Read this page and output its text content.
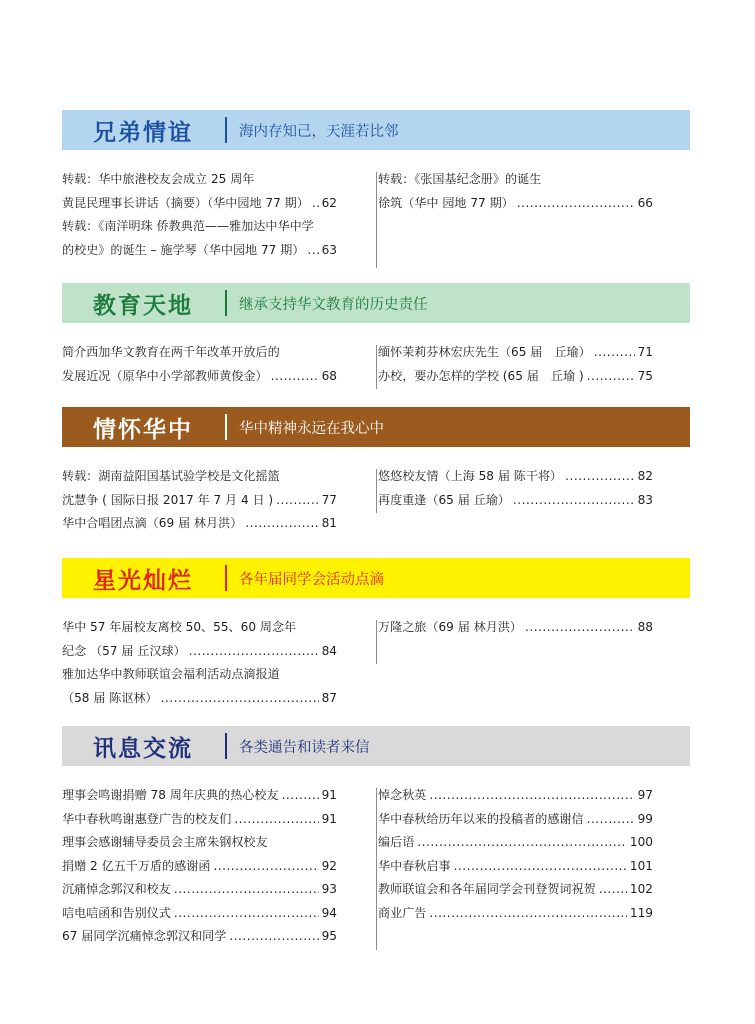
兄弟情谊	海内存知己，天涯若比邻
转载：华中旅港校友会成立 25 周年
黄昆民理事长讲话（摘要）（华中园地 77 期） ..... 62
转载：《南洋明珠 侨教典范——雅加达中华中学
的校史》的诞生 – 施学琴（华中园地 77 期） ..... 63
转载：《张国基纪念册》的诞生
徐筑（华中 园地 77 期） .....	66
教育天地	继承支持华文教育的历史责任
简介西加华文教育在两千年改革开放后的
发展近况（原华中小学部教师黄俊金） .....	68
缅怀茉莉芬林宏庆先生（65 届　丘瑜） .....	71
办校，要办怎样的学校 (65 届　丘瑜 ) .....	75
情怀华中	华中精神永远在我心中
转载：湖南益阳国基试验学校是文化摇篮
沈慧争 ( 国际日报 2017 年 7 月 4 日 ) .....	77
华中合唱团点滴（69 届 林月洪） .....	81
悠悠校友情（上海 58 届 陈干将） .....	82
再度重逢（65 届 丘瑜） .....	83
星光灿烂	各年届同学会活动点滴
华中 57 年届校友离校 50、55、60 周念年
纪念 （57 届 丘汉球） .....	84
雅加达华中教师联谊会福利活动点滴报道
（58 届 陈讴林） .....	87
万隆之旅（69 届 林月洪） .....	88
讯息交流	各类通告和读者来信
理事会鸣谢捐赠 78 周年庆典的热心校友 .....	91
华中春秋鸣谢惠登广告的校友们 .....	91
理事会感谢辅导委员会主席朱钢权校友
捐赠 2 亿五千万盾的感谢函 .....	92
沉痛悼念郭汉和校友 .....	93
唁电唁函和告别仪式 .....	94
67 届同学沉痛悼念郭汉和同学 .....	95
悼念秋英 .....	97
华中春秋给历年以来的投稿者的感谢信 .....	99
编后语 .....	100
华中春秋启事 .....	101
教师联谊会和各年届同学会刊登贺词祝贺 .....	102
商业广告 .....	119
